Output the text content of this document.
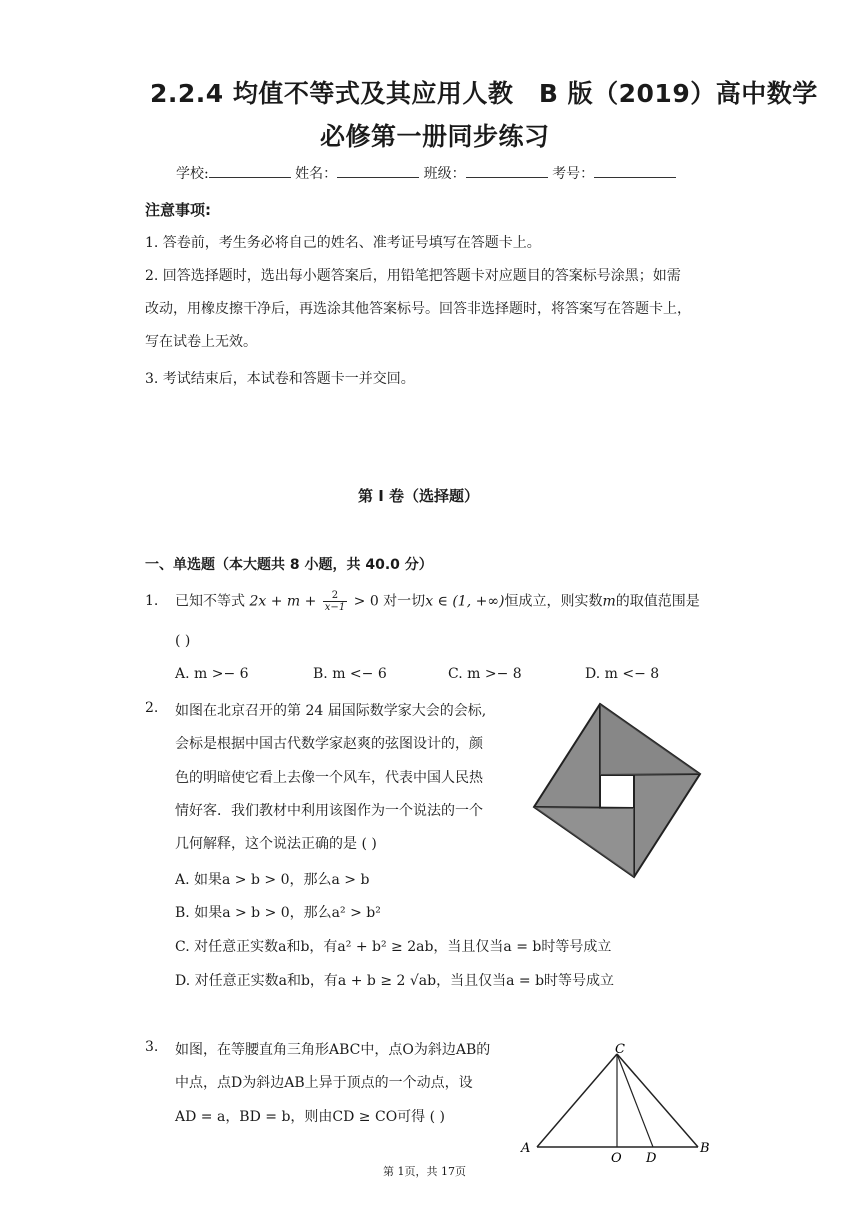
2.2.4 均值不等式及其应用人教　B 版（2019）高中数学
必修第一册同步练习
学校:	姓名：	班级：	考号：
注意事项:
1. 答卷前，考生务必将自己的姓名、准考证号填写在答题卡上。
2. 回答选择题时，选出每小题答案后，用铅笔把答题卡对应题目的答案标号涂黑；如需
改动，用橡皮擦干净后，再选涂其他答案标号。回答非选择题时，将答案写在答题卡上，
写在试卷上无效。
3. 考试结束后，本试卷和答题卡一并交回。
第 I 卷（选择题）
一、单选题（本大题共 8 小题，共 40.0 分）
1. 已知不等式 $2x + m + \frac{2}{x-1} > 0$ 对一切x ∈ (1, +∞)恒成立，则实数m的取值范围是
( )
A. m >− 6	B. m <− 6	C. m >− 8	D. m <− 8
2. 如图在北京召开的第 24 届国际数学家大会的会标,
会标是根据中国古代数学家赵爽的弦图设计的，颜
色的明暗使它看上去像一个风车，代表中国人民热
情好客．我们教材中利用该图作为一个说法的一个
几何解释，这个说法正确的是 ( )
A. 如果a > b > 0，那么a > b
B. 如果a > b > 0，那么a² > b²
C. 对任意正实数a和b，有a² + b² ≥ 2ab，当且仅当a = b时等号成立
D. 对任意正实数a和b，有a + b ≥ 2 √ab，当且仅当a = b时等号成立
3. 如图，在等腰直角三角形ABC中，点O为斜边AB的
中点，点D为斜边AB上异于顶点的一个动点，设
AD = a，BD = b，则由CD ≥ CO可得 ( )
C
A
O D
B
第 1页，共 17页
